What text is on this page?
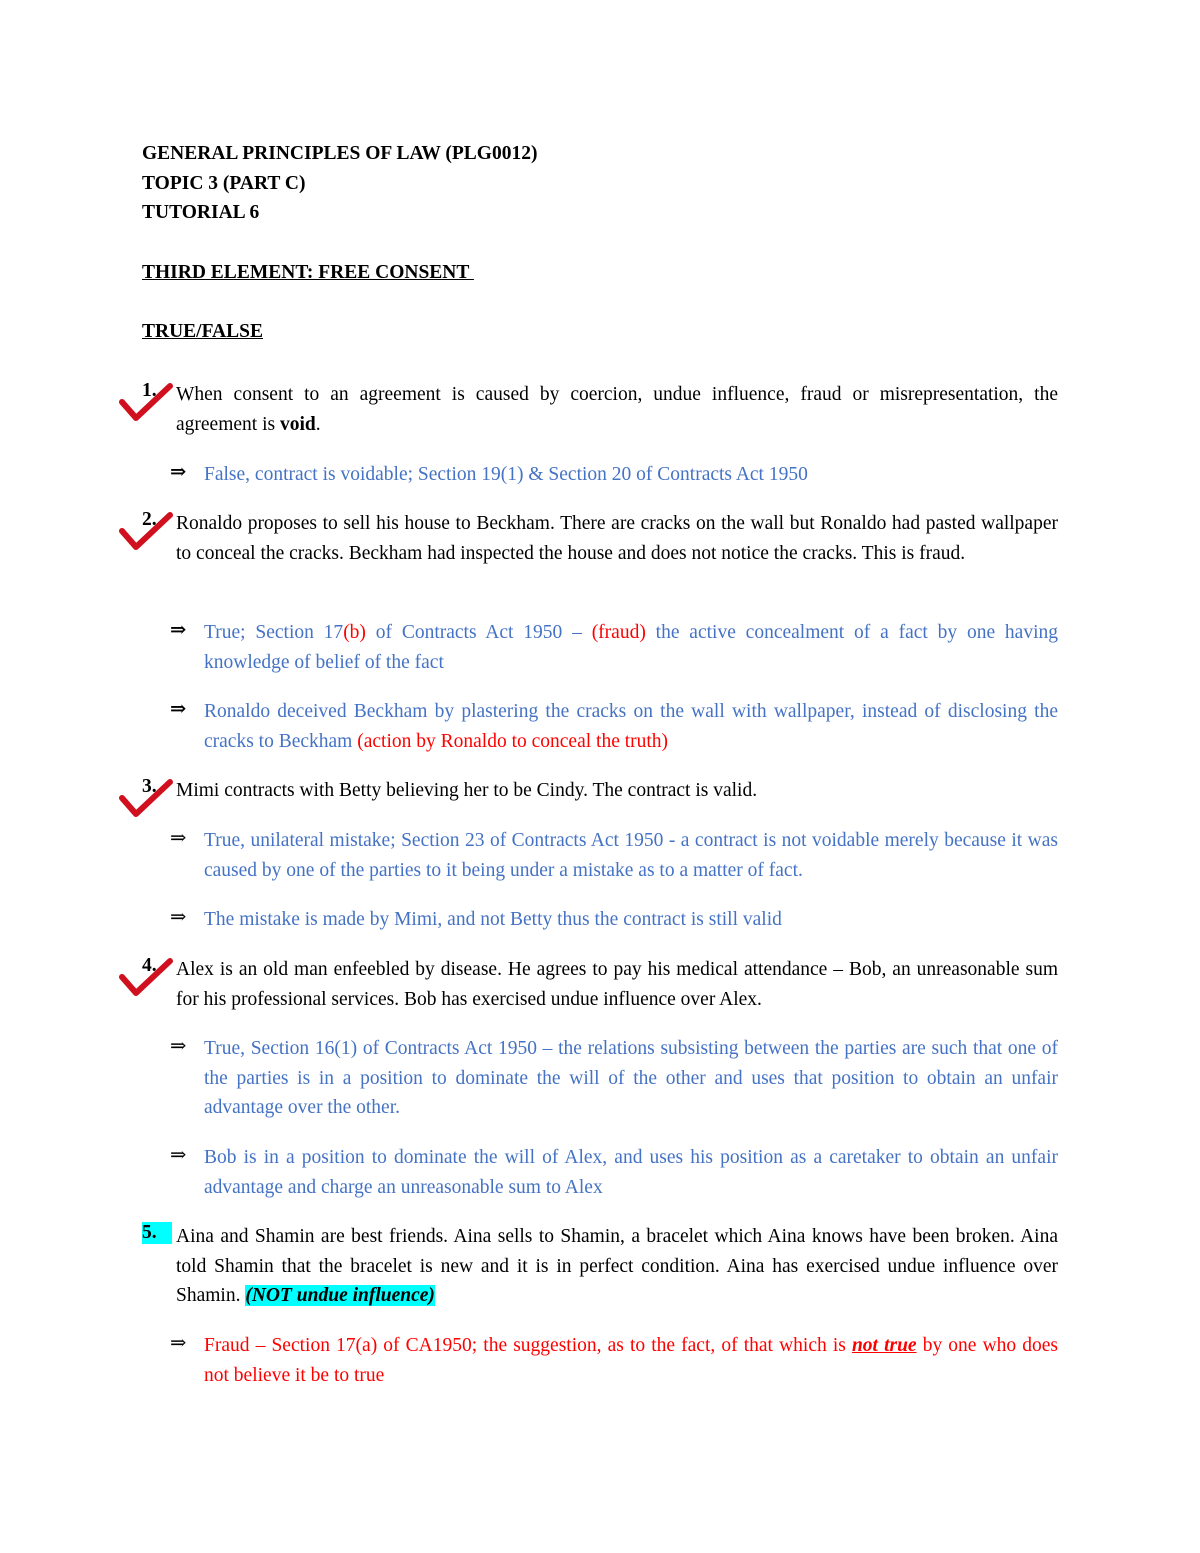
GENERAL PRINCIPLES OF LAW (PLG0012)
TOPIC 3 (PART C)
TUTORIAL 6
THIRD ELEMENT: FREE CONSENT
TRUE/FALSE
1. When consent to an agreement is caused by coercion, undue influence, fraud or misrepresentation, the agreement is void.
⇒ False, contract is voidable; Section 19(1) & Section 20 of Contracts Act 1950
2. Ronaldo proposes to sell his house to Beckham. There are cracks on the wall but Ronaldo had pasted wallpaper to conceal the cracks. Beckham had inspected the house and does not notice the cracks. This is fraud.
⇒ True; Section 17(b) of Contracts Act 1950 – (fraud) the active concealment of a fact by one having knowledge of belief of the fact
⇒ Ronaldo deceived Beckham by plastering the cracks on the wall with wallpaper, instead of disclosing the cracks to Beckham (action by Ronaldo to conceal the truth)
3. Mimi contracts with Betty believing her to be Cindy. The contract is valid.
⇒ True, unilateral mistake; Section 23 of Contracts Act 1950 - a contract is not voidable merely because it was caused by one of the parties to it being under a mistake as to a matter of fact.
⇒ The mistake is made by Mimi, and not Betty thus the contract is still valid
4. Alex is an old man enfeebled by disease. He agrees to pay his medical attendance – Bob, an unreasonable sum for his professional services. Bob has exercised undue influence over Alex.
⇒ True, Section 16(1) of Contracts Act 1950 – the relations subsisting between the parties are such that one of the parties is in a position to dominate the will of the other and uses that position to obtain an unfair advantage over the other.
⇒ Bob is in a position to dominate the will of Alex, and uses his position as a caretaker to obtain an unfair advantage and charge an unreasonable sum to Alex
5. Aina and Shamin are best friends. Aina sells to Shamin, a bracelet which Aina knows have been broken. Aina told Shamin that the bracelet is new and it is in perfect condition. Aina has exercised undue influence over Shamin. (NOT undue influence)
⇒ Fraud – Section 17(a) of CA1950; the suggestion, as to the fact, of that which is not true by one who does not believe it be to true
